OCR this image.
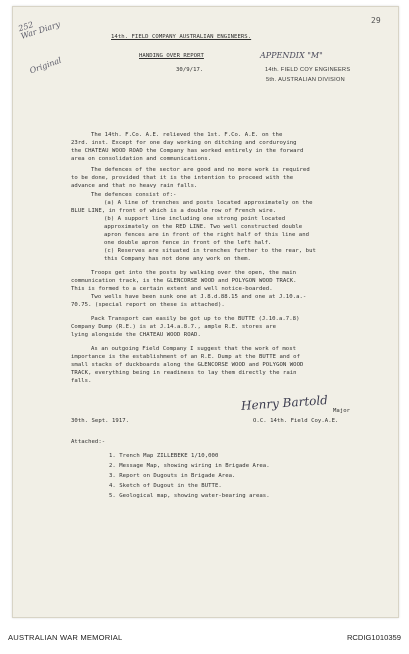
252
War Diary
Original
APPENDIX "M"
29
14th. FIELD COMPANY AUSTRALIAN ENGINEERS.
HANDING OVER REPORT
30/9/17.	14th. FIELD COY ENGINEERS
5th. AUSTRALIAN DIVISION
The 14th. F.Co. A.E. relieved the 1st. F.Co. A.E. on the
23rd. inst. Except for one day working on ditching and corduroying
the CHATEAU WOOD ROAD the Company has worked entirely in the forward
area on consolidation and communications.
The defences of the sector are good and no more work is required
to be done, provided that it is the intention to proceed with the
advance and that no heavy rain falls.
The defences consist of:-
(a) A line of trenches and posts located approximately on the
BLUE LINE, in front of which is a double row of French wire.
(b) A support line including one strong point located
approximately on the RED LINE. Two well constructed double
apron fences are in front of the right half of this line and
one double apron fence in front of the left half.
(c) Reserves are situated in trenches further to the rear, but
this Company has not done any work on them.
Troops get into the posts by walking over the open, the main
communication track, is the GLENCORSE WOOD and POLYGON WOOD TRACK.
This is formed to a certain extent and well notice-boarded.
Two wells have been sunk one at J.8.d.88.15 and one at J.10.a.-
70.75. (special report on these is attached).
Pack Transport can easily be got up to the BUTTE (J.10.a.7.8)
Company Dump (R.E.) is at J.14.a.8.7., ample R.E. stores are
lying alongside the CHATEAU WOOD ROAD.
As an outgoing Field Company I suggest that the work of most
importance is the establishment of an R.E. Dump at the BUTTE and of
small stacks of duckboards along the GLENCORSE WOOD and POLYGON WOOD
TRACK, everything being in readiness to lay them directly the rain
falls.
Henry Bartold Major
O.C. 14th. Field Coy.A.E.
30th. Sept. 1917.
Attached:-
1. Trench Map ZILLEBEKE 1/10,000
2. Message Map, showing wiring in Brigade Area.
3. Report on Dugouts in Brigade Area.
4. Sketch of Dugout in the BUTTE.
5. Geological map, showing water-bearing areas.
AUSTRALIAN WAR MEMORIAL	RCDIG1010359
